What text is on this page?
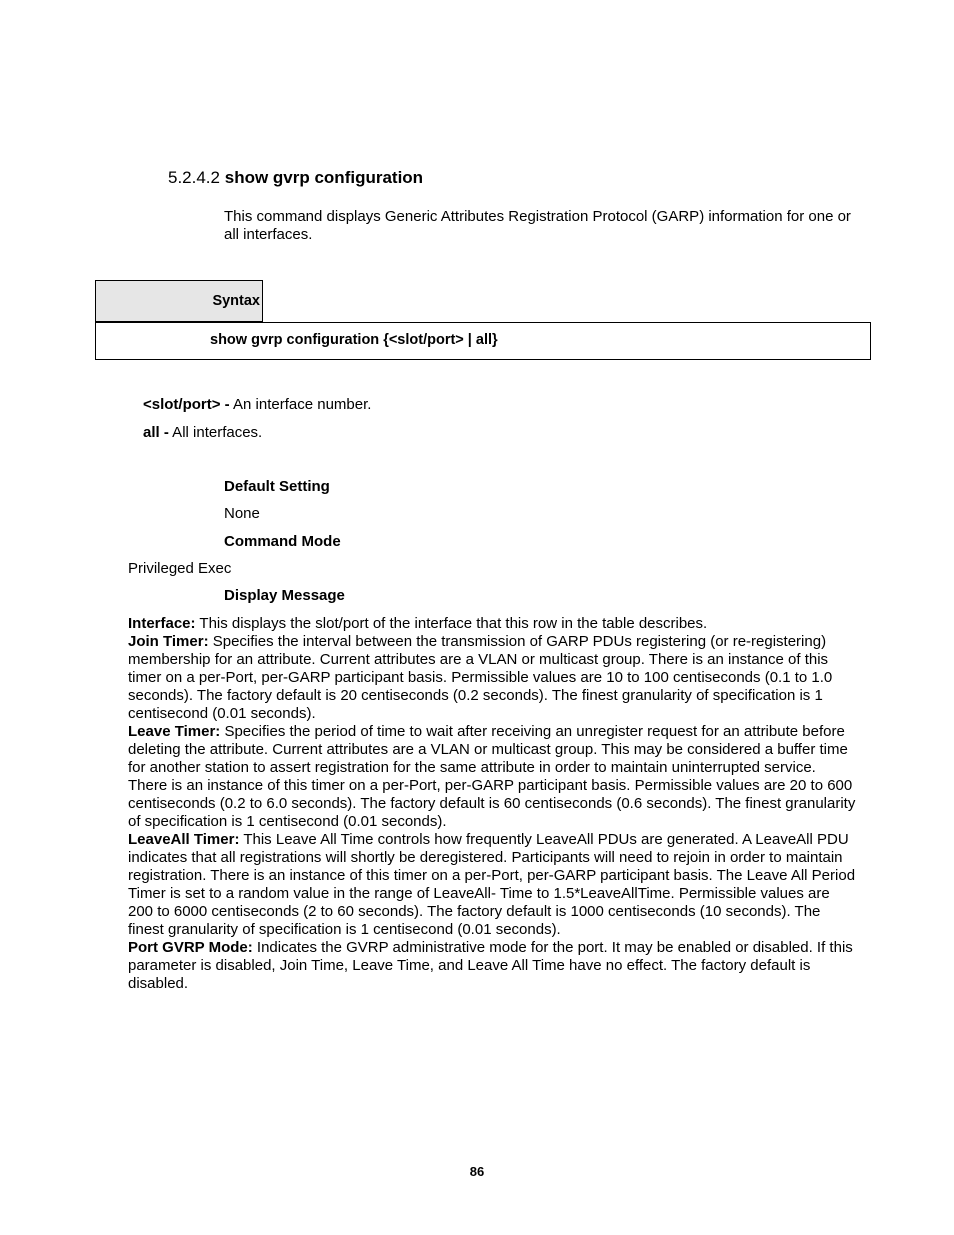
5.2.4.2 show gvrp configuration
This command displays Generic Attributes Registration Protocol (GARP) information for one or all interfaces.
Syntax
show gvrp configuration {<slot/port> | all}
<slot/port> - An interface number.
all - All interfaces.
Default Setting
None
Command Mode
Privileged Exec
Display Message

Interface: This displays the slot/port of the interface that this row in the table describes.

Join Timer: Specifies the interval between the transmission of GARP PDUs registering (or re-registering) membership for an attribute. Current attributes are a VLAN or multicast group. There is an instance of this timer on a per-Port, per-GARP participant basis. Permissible values are 10 to 100 centiseconds (0.1 to 1.0 seconds). The factory default is 20 centiseconds (0.2 seconds). The finest granularity of specification is 1 centisecond (0.01 seconds).

Leave Timer: Specifies the period of time to wait after receiving an unregister request for an attribute before deleting the attribute. Current attributes are a VLAN or multicast group. This may be considered a buffer time for another station to assert registration for the same attribute in order to maintain uninterrupted service. There is an instance of this timer on a per-Port, per-GARP participant basis. Permissible values are 20 to 600 centiseconds (0.2 to 6.0 seconds). The factory default is 60 centiseconds (0.6 seconds). The finest granularity of specification is 1 centisecond (0.01 seconds).

LeaveAll Timer: This Leave All Time controls how frequently LeaveAll PDUs are generated. A LeaveAll PDU indicates that all registrations will shortly be deregistered. Participants will need to rejoin in order to maintain registration. There is an instance of this timer on a per-Port, per-GARP participant basis. The Leave All Period Timer is set to a random value in the range of LeaveAll- Time to 1.5*LeaveAllTime. Permissible values are 200 to 6000 centiseconds (2 to 60 seconds). The factory default is 1000 centiseconds (10 seconds). The finest granularity of specification is 1 centisecond (0.01 seconds).

Port GVRP Mode: Indicates the GVRP administrative mode for the port. It may be enabled or disabled. If this parameter is disabled, Join Time, Leave Time, and Leave All Time have no effect. The factory default is disabled.

86
